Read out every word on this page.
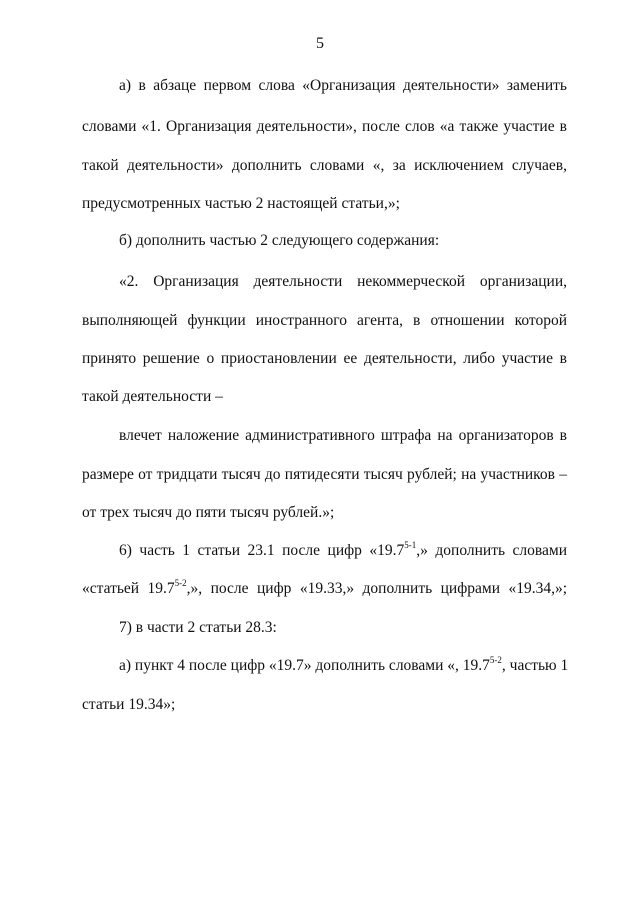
5
а) в абзаце первом слова «Организация деятельности» заменить
словами «1. Организация деятельности», после слов «а также участие в
такой деятельности» дополнить словами «, за исключением случаев,
предусмотренных частью 2 настоящей статьи,»;
б) дополнить частью 2 следующего содержания:
«2. Организация деятельности некоммерческой организации,
выполняющей функции иностранного агента, в отношении которой
принято решение о приостановлении ее деятельности, либо участие в
такой деятельности –
влечет наложение административного штрафа на организаторов в
размере от тридцати тысяч до пятидесяти тысяч рублей; на участников –
от трех тысяч до пяти тысяч рублей.»;
6) часть 1 статьи 23.1 после цифр «19.7$^{5-1}$,» дополнить словами
«статьей 19.7$^{5-2}$,», после цифр «19.33,» дополнить цифрами «19.34,»;
7) в части 2 статьи 28.3:
а) пункт 4 после цифр «19.7» дополнить словами «, 19.7$^{5-2}$, частью 1
статьи 19.34»;
